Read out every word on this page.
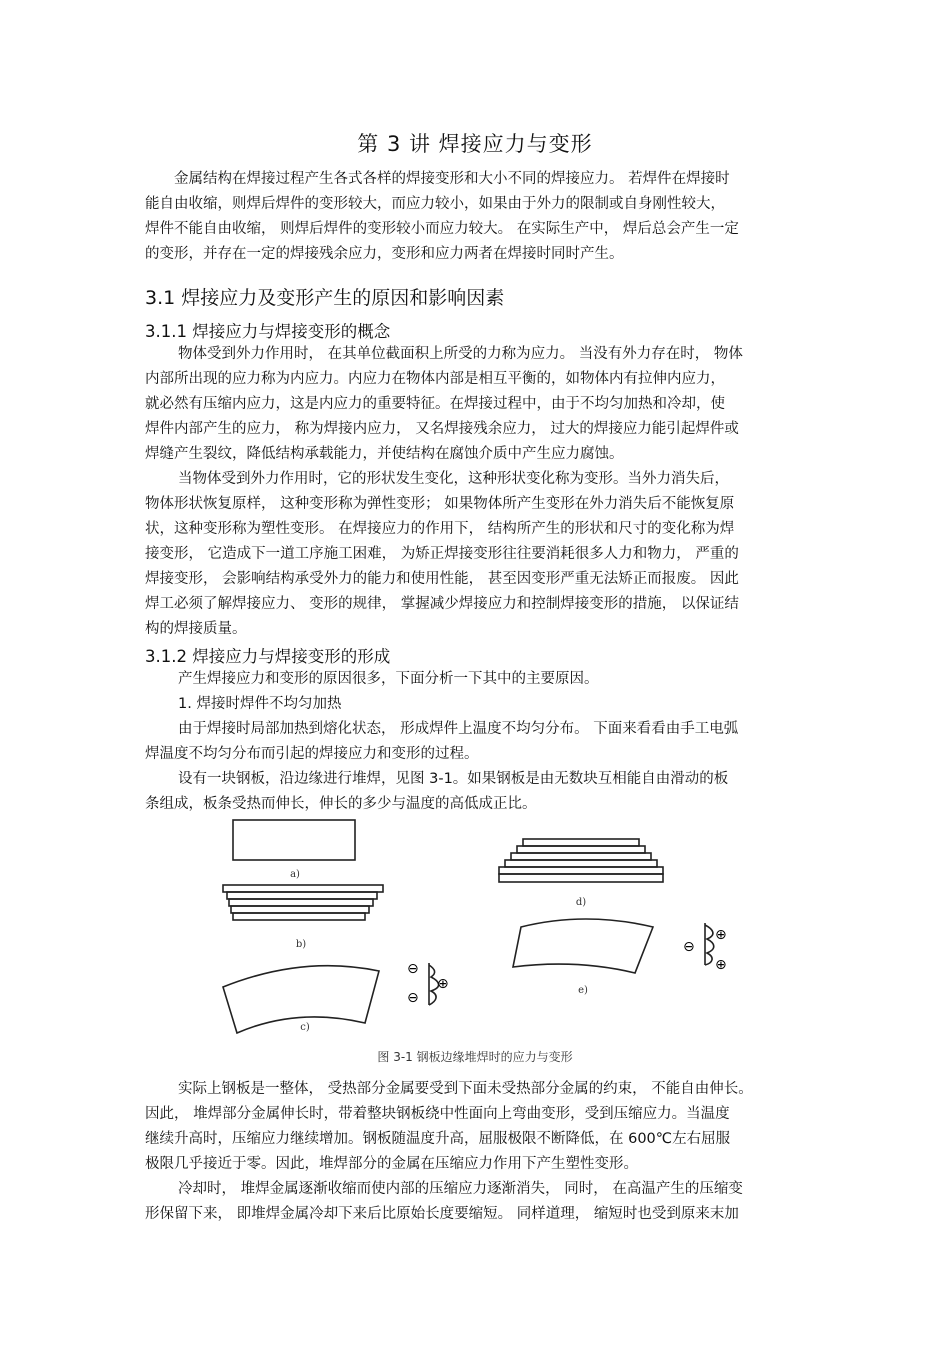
第 3 讲 焊接应力与变形
金属结构在焊接过程产生各式各样的焊接变形和大小不同的焊接应力。 若焊件在焊接时
能自由收缩，则焊后焊件的变形较大，而应力较小，如果由于外力的限制或自身刚性较大，
焊件不能自由收缩， 则焊后焊件的变形较小而应力较大。 在实际生产中， 焊后总会产生一定
的变形，并存在一定的焊接残余应力，变形和应力两者在焊接时同时产生。
3.1 焊接应力及变形产生的原因和影响因素
3.1.1 焊接应力与焊接变形的概念
物体受到外力作用时， 在其单位截面积上所受的力称为应力。 当没有外力存在时， 物体
内部所出现的应力称为内应力。内应力在物体内部是相互平衡的，如物体内有拉伸内应力，
就必然有压缩内应力，这是内应力的重要特征。在焊接过程中，由于不均匀加热和冷却，使
焊件内部产生的应力， 称为焊接内应力， 又名焊接残余应力， 过大的焊接应力能引起焊件或
焊缝产生裂纹，降低结构承载能力，并使结构在腐蚀介质中产生应力腐蚀。
当物体受到外力作用时，它的形状发生变化，这种形状变化称为变形。当外力消失后，
物体形状恢复原样， 这种变形称为弹性变形； 如果物体所产生变形在外力消失后不能恢复原
状，这种变形称为塑性变形。 在焊接应力的作用下， 结构所产生的形状和尺寸的变化称为焊
接变形， 它造成下一道工序施工困难， 为矫正焊接变形往往要消耗很多人力和物力， 严重的
焊接变形， 会影响结构承受外力的能力和使用性能， 甚至因变形严重无法矫正而报废。 因此
焊工必须了解焊接应力、 变形的规律， 掌握减少焊接应力和控制焊接变形的措施， 以保证结
构的焊接质量。
3.1.2 焊接应力与焊接变形的形成
产生焊接应力和变形的原因很多，下面分析一下其中的主要原因。
1. 焊接时焊件不均匀加热
由于焊接时局部加热到熔化状态， 形成焊件上温度不均匀分布。 下面来看看由手工电弧
焊温度不均匀分布而引起的焊接应力和变形的过程。
设有一块钢板，沿边缘进行堆焊，见图 3-1。如果钢板是由无数块互相能自由滑动的板
条组成，板条受热而伸长，伸长的多少与温度的高低成正比。
a)
b)
c)
d)
e)
⊖
⊖
⊕
⊖
⊕
⊕
图 3-1 钢板边缘堆焊时的应力与变形
实际上钢板是一整体， 受热部分金属要受到下面未受热部分金属的约束， 不能自由伸长。
因此， 堆焊部分金属伸长时，带着整块钢板绕中性面向上弯曲变形，受到压缩应力。当温度
继续升高时，压缩应力继续增加。钢板随温度升高，屈服极限不断降低，在 600℃左右屈服
极限几乎接近于零。因此，堆焊部分的金属在压缩应力作用下产生塑性变形。
冷却时， 堆焊金属逐渐收缩而使内部的压缩应力逐渐消失， 同时， 在高温产生的压缩变
形保留下来， 即堆焊金属冷却下来后比原始长度要缩短。 同样道理， 缩短时也受到原来末加
